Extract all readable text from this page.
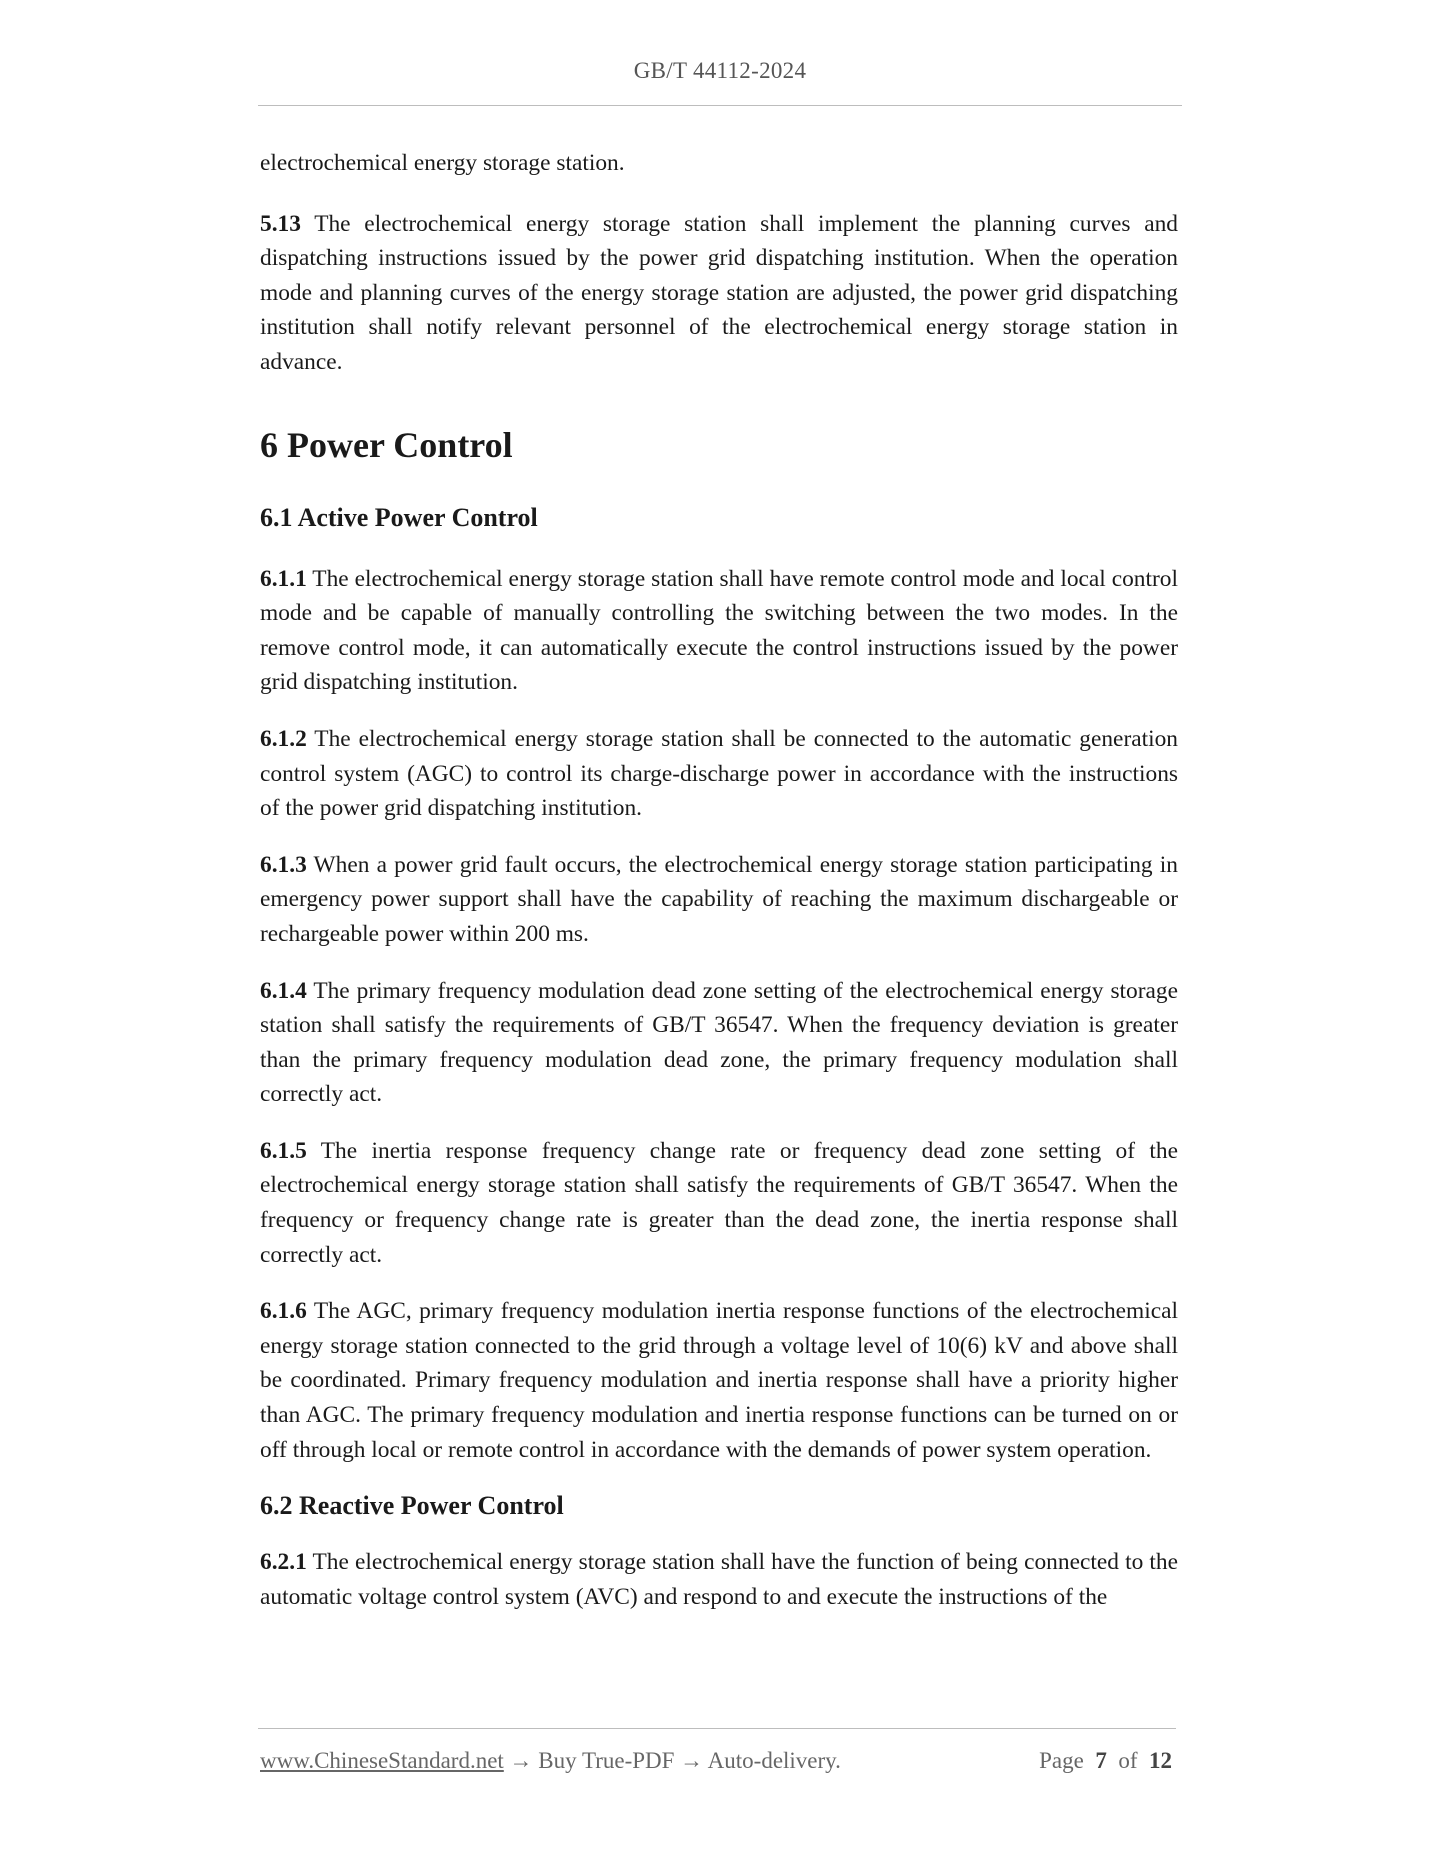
GB/T 44112-2024

electrochemical energy storage station.

5.13 The electrochemical energy storage station shall implement the planning curves and dispatching instructions issued by the power grid dispatching institution. When the operation mode and planning curves of the energy storage station are adjusted, the power grid dispatching institution shall notify relevant personnel of the electrochemical energy storage station in advance.

6 Power Control
6.1 Active Power Control

6.1.1 The electrochemical energy storage station shall have remote control mode and local control mode and be capable of manually controlling the switching between the two modes. In the remove control mode, it can automatically execute the control instructions issued by the power grid dispatching institution.

6.1.2 The electrochemical energy storage station shall be connected to the automatic generation control system (AGC) to control its charge-discharge power in accordance with the instructions of the power grid dispatching institution.

6.1.3 When a power grid fault occurs, the electrochemical energy storage station participating in emergency power support shall have the capability of reaching the maximum dischargeable or rechargeable power within 200 ms.

6.1.4 The primary frequency modulation dead zone setting of the electrochemical energy storage station shall satisfy the requirements of GB/T 36547. When the frequency deviation is greater than the primary frequency modulation dead zone, the primary frequency modulation shall correctly act.

6.1.5 The inertia response frequency change rate or frequency dead zone setting of the electrochemical energy storage station shall satisfy the requirements of GB/T 36547. When the frequency or frequency change rate is greater than the dead zone, the inertia response shall correctly act.

6.1.6 The AGC, primary frequency modulation inertia response functions of the electrochemical energy storage station connected to the grid through a voltage level of 10(6) kV and above shall be coordinated. Primary frequency modulation and inertia response shall have a priority higher than AGC. The primary frequency modulation and inertia response functions can be turned on or off through local or remote control in accordance with the demands of power system operation.

6.2 Reactive Power Control

6.2.1 The electrochemical energy storage station shall have the function of being connected to the automatic voltage control system (AVC) and respond to and execute the instructions of the

www.ChineseStandard.net → Buy True-PDF → Auto-delivery.	Page 7 of 12
